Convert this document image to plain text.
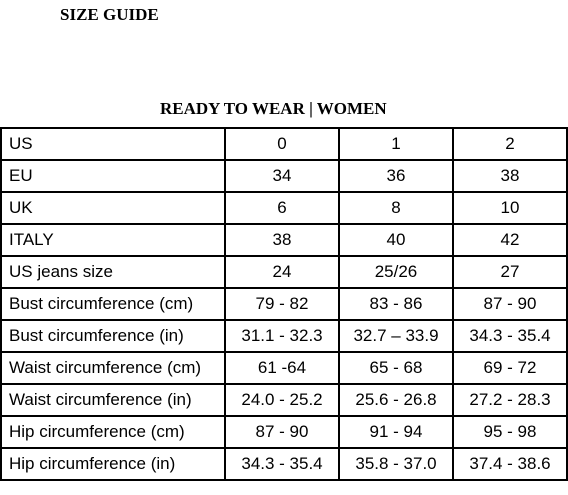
SIZE GUIDE
READY TO WEAR | WOMEN
US	0	1	2
EU	34	36	38
UK	6	8	10
ITALY	38	40	42
US jeans size	24	25/26	27
Bust circumference (cm)	79 - 82	83 - 86	87 - 90
Bust circumference (in)	31.1 - 32.3	32.7 – 33.9	34.3 - 35.4
Waist circumference (cm)	61 -64	65 - 68	69 - 72
Waist circumference (in)	24.0 - 25.2	25.6 - 26.8	27.2 - 28.3
Hip circumference (cm)	87 - 90	91 - 94	95 - 98
Hip circumference (in)	34.3 - 35.4	35.8 - 37.0	37.4 - 38.6
